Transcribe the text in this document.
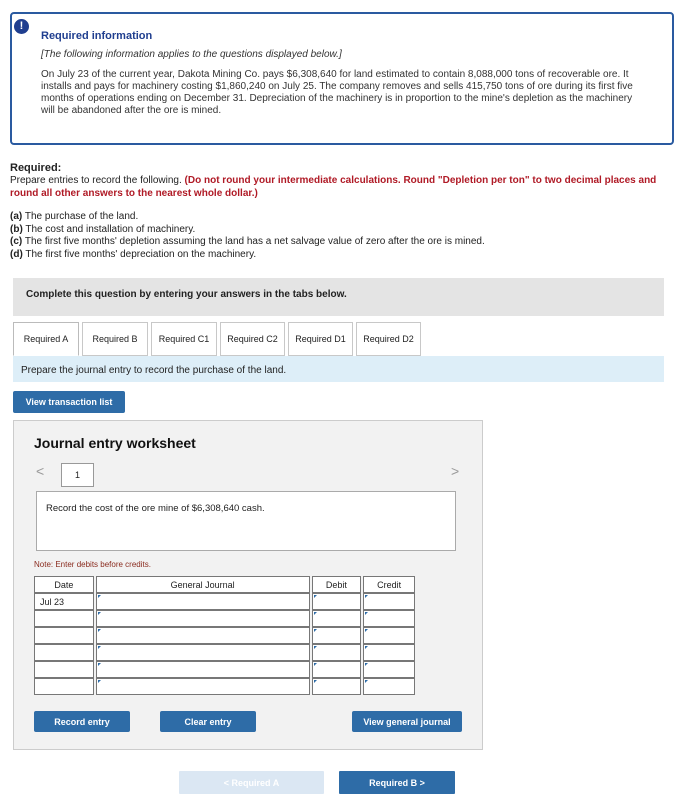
!
Required information
[The following information applies to the questions displayed below.]
On July 23 of the current year, Dakota Mining Co. pays $6,308,640 for land estimated to contain 8,088,000 tons of recoverable ore. It installs and pays for machinery costing $1,860,240 on July 25. The company removes and sells 415,750 tons of ore during its first five months of operations ending on December 31. Depreciation of the machinery is in proportion to the mine's depletion as the machinery will be abandoned after the ore is mined.
Required:
Prepare entries to record the following. (Do not round your intermediate calculations. Round "Depletion per ton" to two decimal places and round all other answers to the nearest whole dollar.)
(a) The purchase of the land.
(b) The cost and installation of machinery.
(c) The first five months' depletion assuming the land has a net salvage value of zero after the ore is mined.
(d) The first five months' depreciation on the machinery.
Complete this question by entering your answers in the tabs below.
Required A	Required B	Required C1	Required C2	Required D1	Required D2
Prepare the journal entry to record the purchase of the land.
View transaction list
Journal entry worksheet
<	1	>
Record the cost of the ore mine of $6,308,640 cash.
Note: Enter debits before credits.
Date	General Journal	Debit	Credit
Jul 23
Record entry	Clear entry	View general journal
< Required A	Required B >
